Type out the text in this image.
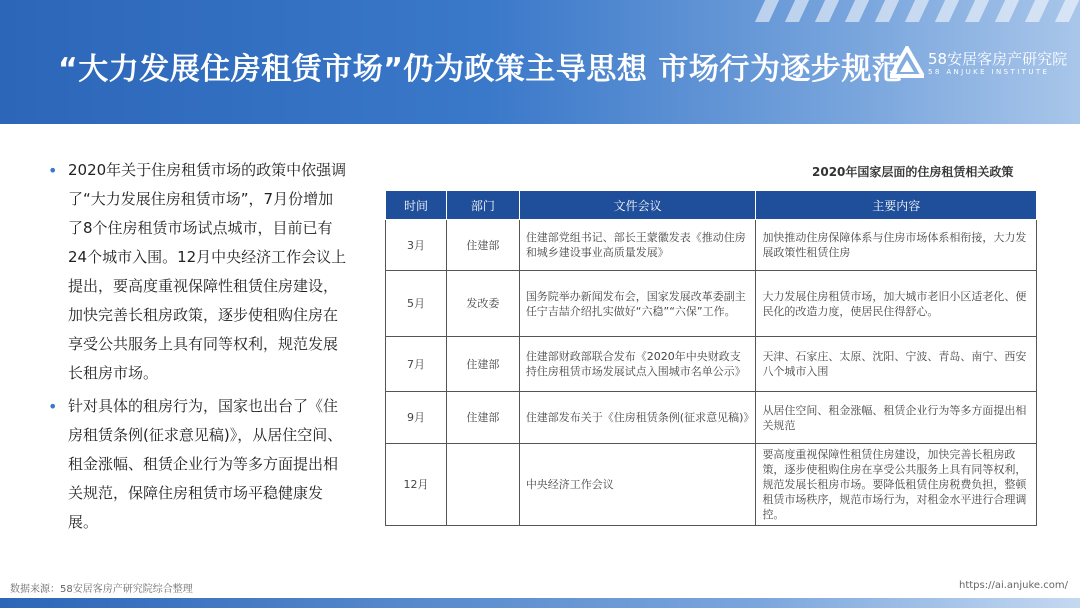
“大力发展住房租赁市场”仍为政策主导思想 市场行为逐步规范 58安居客房产研究院
58 ANJUKE INSTITUTE
• 2020年关于住房租赁市场的政策中依强调了“大力发展住房租赁市场”，7月份增加了8个住房租赁市场试点城市，目前已有24个城市入围。12月中央经济工作会议上提出，要高度重视保障性租赁住房建设，加快完善长租房政策，逐步使租购住房在享受公共服务上具有同等权利，规范发展长租房市场。
• 针对具体的租房行为，国家也出台了《住房租赁条例(征求意见稿)》，从居住空间、租金涨幅、租赁企业行为等多方面提出相关规范，保障住房租赁市场平稳健康发展。
2020年国家层面的住房租赁相关政策
时间	部门	文件会议	主要内容
3月	住建部	住建部党组书记、部长王蒙徽发表《推动住房和城乡建设事业高质量发展》	加快推动住房保障体系与住房市场体系相衔接，大力发展政策性租赁住房
5月	发改委	国务院举办新闻发布会，国家发展改革委副主任宁吉喆介绍扎实做好“六稳”“六保”工作。	大力发展住房租赁市场，加大城市老旧小区适老化、便民化的改造力度，使居民住得舒心。
7月	住建部	住建部财政部联合发布《2020年中央财政支持住房租赁市场发展试点入围城市名单公示》	天津、石家庄、太原、沈阳、宁波、青岛、南宁、西安八个城市入围
9月	住建部	住建部发布关于《住房租赁条例(征求意见稿)》	从居住空间、租金涨幅、租赁企业行为等多方面提出相关规范
12月		中央经济工作会议	要高度重视保障性租赁住房建设，加快完善长租房政策，逐步使租购住房在享受公共服务上具有同等权利，规范发展长租房市场。要降低租赁住房税费负担，整顿租赁市场秩序，规范市场行为，对租金水平进行合理调控。
数据来源：58安居客房产研究院综合整理	https://ai.anjuke.com/
